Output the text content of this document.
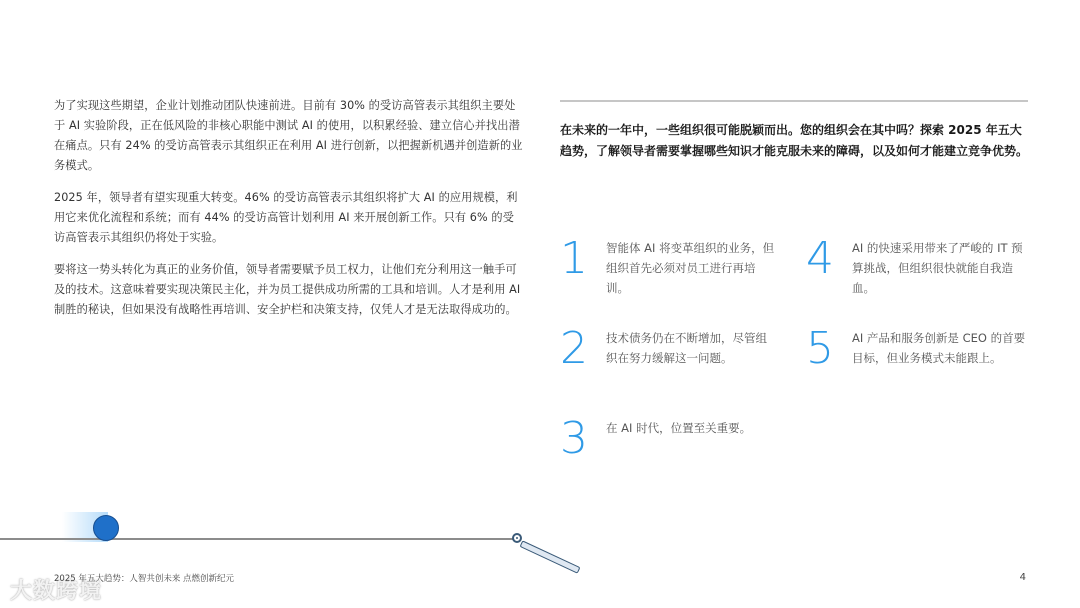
为了实现这些期望，企业计划推动团队快速前进。目前有 30% 的受访高管表示其组织主要处于 AI 实验阶段，正在低风险的非核心职能中测试 AI 的使用，以积累经验、建立信心并找出潜在痛点。只有 24% 的受访高管表示其组织正在利用 AI 进行创新，以把握新机遇并创造新的业务模式。

2025 年，领导者有望实现重大转变。46% 的受访高管表示其组织将扩大 AI 的应用规模，利用它来优化流程和系统；而有 44% 的受访高管计划利用 AI 来开展创新工作。只有 6% 的受访高管表示其组织仍将处于实验。

要将这一势头转化为真正的业务价值，领导者需要赋予员工权力，让他们充分利用这一触手可及的技术。这意味着要实现决策民主化，并为员工提供成功所需的工具和培训。人才是利用 AI 制胜的秘诀，但如果没有战略性再培训、安全护栏和决策支持，仅凭人才是无法取得成功的。

在未来的一年中，一些组织很可能脱颖而出。您的组织会在其中吗？探索 2025 年五大趋势，了解领导者需要掌握哪些知识才能克服未来的障碍，以及如何才能建立竞争优势。

1	智能体 AI 将变革组织的业务，但组织首先必须对员工进行再培训。
2	技术债务仍在不断增加，尽管组织在努力缓解这一问题。
3	在 AI 时代，位置至关重要。
4	AI 的快速采用带来了严峻的 IT 预算挑战，但组织很快就能自我造血。
5	AI 产品和服务创新是 CEO 的首要目标，但业务模式未能跟上。
大数跨境
2025 年五大趋势：人智共创未来 点燃创新纪元	4
